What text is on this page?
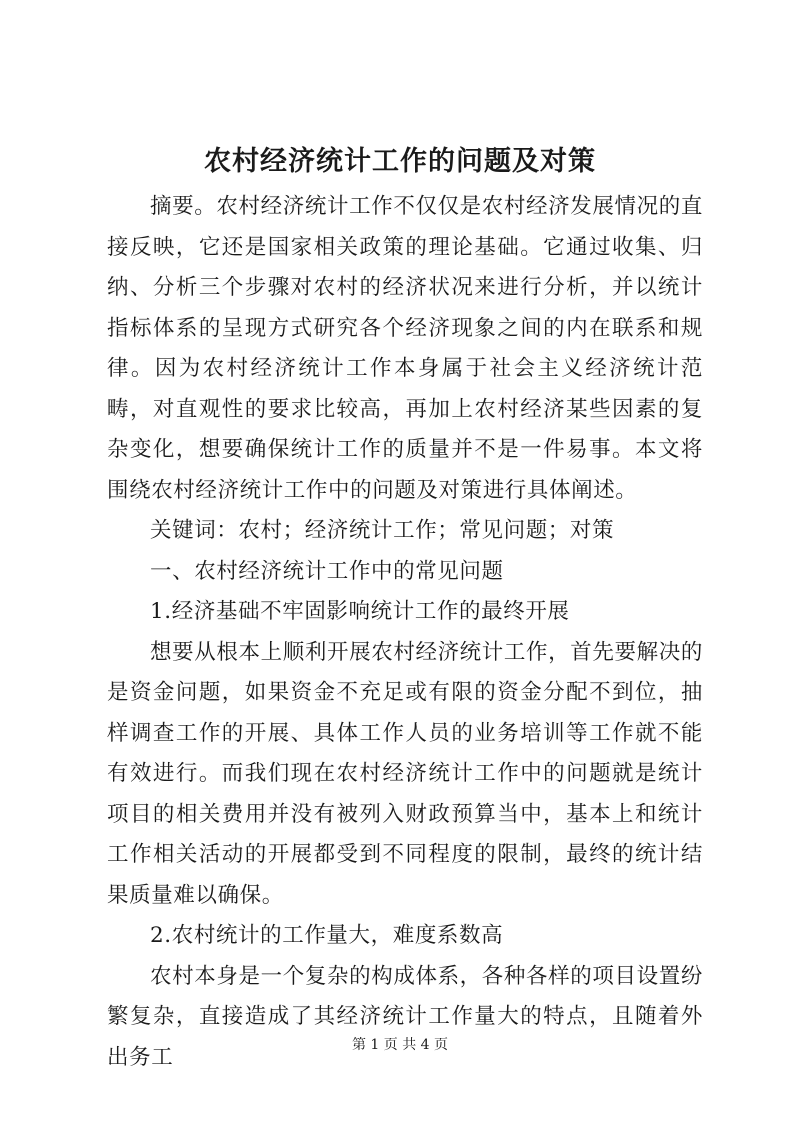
农村经济统计工作的问题及对策

摘要。农村经济统计工作不仅仅是农村经济发展情况的直接反映，它还是国家相关政策的理论基础。它通过收集、归纳、分析三个步骤对农村的经济状况来进行分析，并以统计指标体系的呈现方式研究各个经济现象之间的内在联系和规律。因为农村经济统计工作本身属于社会主义经济统计范畴，对直观性的要求比较高，再加上农村经济某些因素的复杂变化，想要确保统计工作的质量并不是一件易事。本文将围绕农村经济统计工作中的问题及对策进行具体阐述。

关键词：农村；经济统计工作；常见问题；对策

一、农村经济统计工作中的常见问题

1.经济基础不牢固影响统计工作的最终开展

想要从根本上顺利开展农村经济统计工作，首先要解决的是资金问题，如果资金不充足或有限的资金分配不到位，抽样调查工作的开展、具体工作人员的业务培训等工作就不能有效进行。而我们现在农村经济统计工作中的问题就是统计项目的相关费用并没有被列入财政预算当中，基本上和统计工作相关活动的开展都受到不同程度的限制，最终的统计结果质量难以确保。

2.农村统计的工作量大，难度系数高

农村本身是一个复杂的构成体系，各种各样的项目设置纷繁复杂，直接造成了其经济统计工作量大的特点，且随着外出务工	第 1 页 共 4 页
